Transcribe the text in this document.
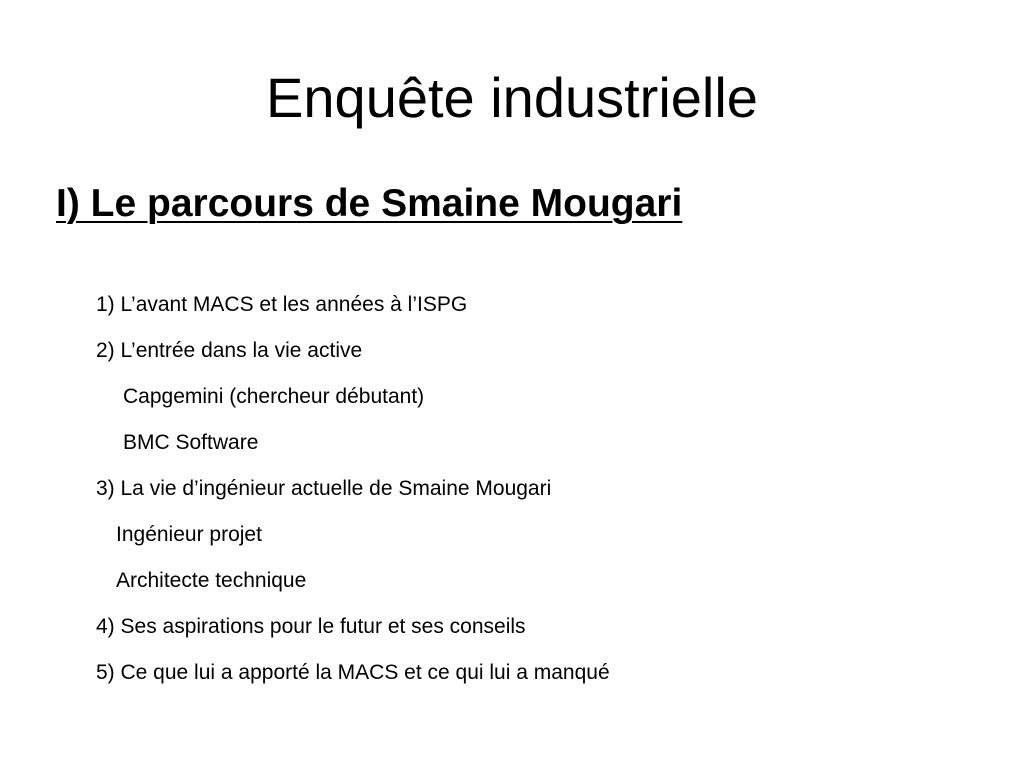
Enquête industrielle
I) Le parcours de Smaine Mougari
1) L’avant MACS et les années à l’ISPG
2) L’entrée dans la vie active
Capgemini (chercheur débutant)
BMC Software
3) La vie d’ingénieur actuelle de Smaine Mougari
Ingénieur projet
Architecte technique
4) Ses aspirations pour le futur et ses conseils
5) Ce que lui a apporté la MACS et ce qui lui a manqué
